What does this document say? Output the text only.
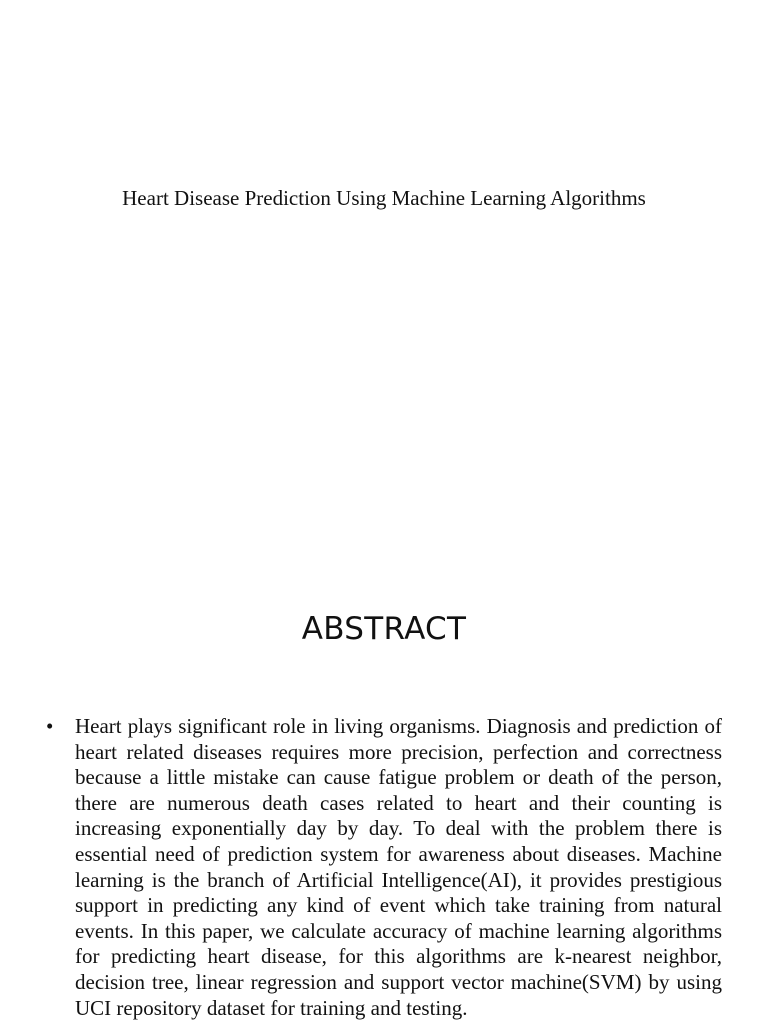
Heart Disease Prediction Using Machine Learning Algorithms
ABSTRACT
•	Heart plays significant role in living organisms. Diagnosis and prediction of heart related diseases requires more precision, perfection and correctness because a little mistake can cause fatigue problem or death of the person, there are numerous death cases related to heart and their counting is increasing exponentially day by day. To deal with the problem there is essential need of prediction system for awareness about diseases. Machine learning is the branch of Artificial Intelligence(AI), it provides prestigious support in predicting any kind of event which take training from natural events. In this paper, we calculate accuracy of machine learning algorithms for predicting heart disease, for this algorithms are k-nearest neighbor, decision tree, linear regression and support vector machine(SVM) by using UCI repository dataset for training and testing.
